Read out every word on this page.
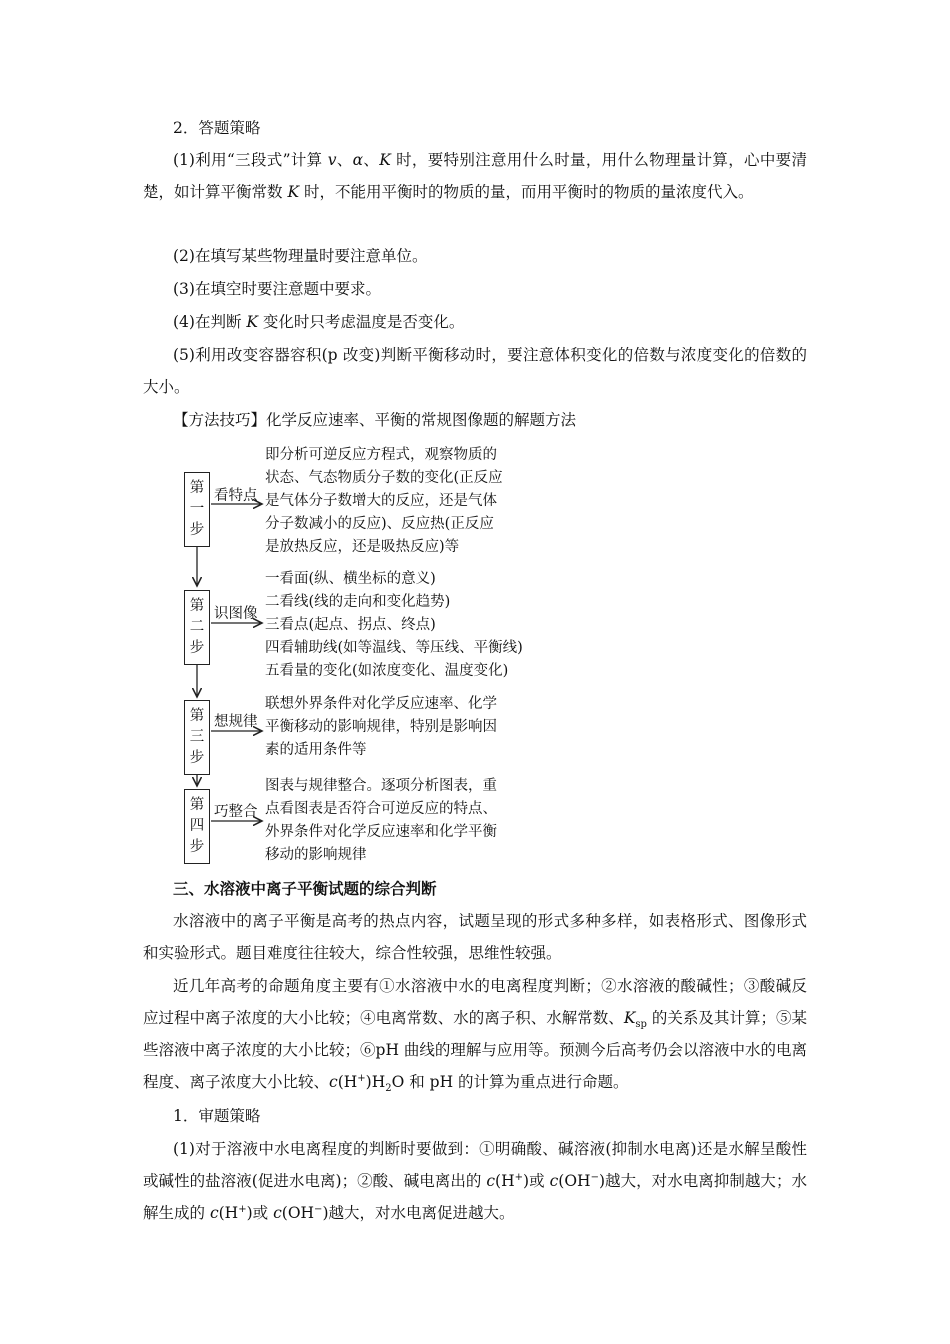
2．答题策略

(1)利用“三段式”计算 v、α、K 时，要特别注意用什么时量，用什么物理量计算，心中要清楚，如计算平衡常数 K 时，不能用平衡时的物质的量，而用平衡时的物质的量浓度代入。

(2)在填写某些物理量时要注意单位。

(3)在填空时要注意题中要求。

(4)在判断 K 变化时只考虑温度是否变化。

(5)利用改变容器容积(p 改变)判断平衡移动时，要注意体积变化的倍数与浓度变化的倍数的大小。

【方法技巧】化学反应速率、平衡的常规图像题的解题方法

第一步
看特点
即分析可逆反应方程式，观察物质的
状态、气态物质分子数的变化(正反应
是气体分子数增大的反应，还是气体
分子数减小的反应)、反应热(正反应
是放热反应，还是吸热反应)等
第二步
识图像
一看面(纵、横坐标的意义)
二看线(线的走向和变化趋势)
三看点(起点、拐点、终点)
四看辅助线(如等温线、等压线、平衡线)
五看量的变化(如浓度变化、温度变化)
第三步
想规律
联想外界条件对化学反应速率、化学
平衡移动的影响规律，特别是影响因
素的适用条件等
第四步
巧整合
图表与规律整合。逐项分析图表，重
点看图表是否符合可逆反应的特点、
外界条件对化学反应速率和化学平衡
移动的影响规律

三、水溶液中离子平衡试题的综合判断

水溶液中的离子平衡是高考的热点内容，试题呈现的形式多种多样，如表格形式、图像形式和实验形式。题目难度往往较大，综合性较强，思维性较强。

近几年高考的命题角度主要有①水溶液中水的电离程度判断；②水溶液的酸碱性；③酸碱反应过程中离子浓度的大小比较；④电离常数、水的离子积、水解常数、$K_{sp}$ 的关系及其计算；⑤某些溶液中离子浓度的大小比较；⑥pH 曲线的理解与应用等。预测今后高考仍会以溶液中水的电离程度、离子浓度大小比较、$c(H^+)H_2O$ 和 pH 的计算为重点进行命题。

1．审题策略

(1)对于溶液中水电离程度的判断时要做到：①明确酸、碱溶液(抑制水电离)还是水解呈酸性或碱性的盐溶液(促进水电离)；②酸、碱电离出的 c(H+)或 c(OH−)越大，对水电离抑制越大；水解生成的 c(H+)或 c(OH−)越大，对水电离促进越大。
